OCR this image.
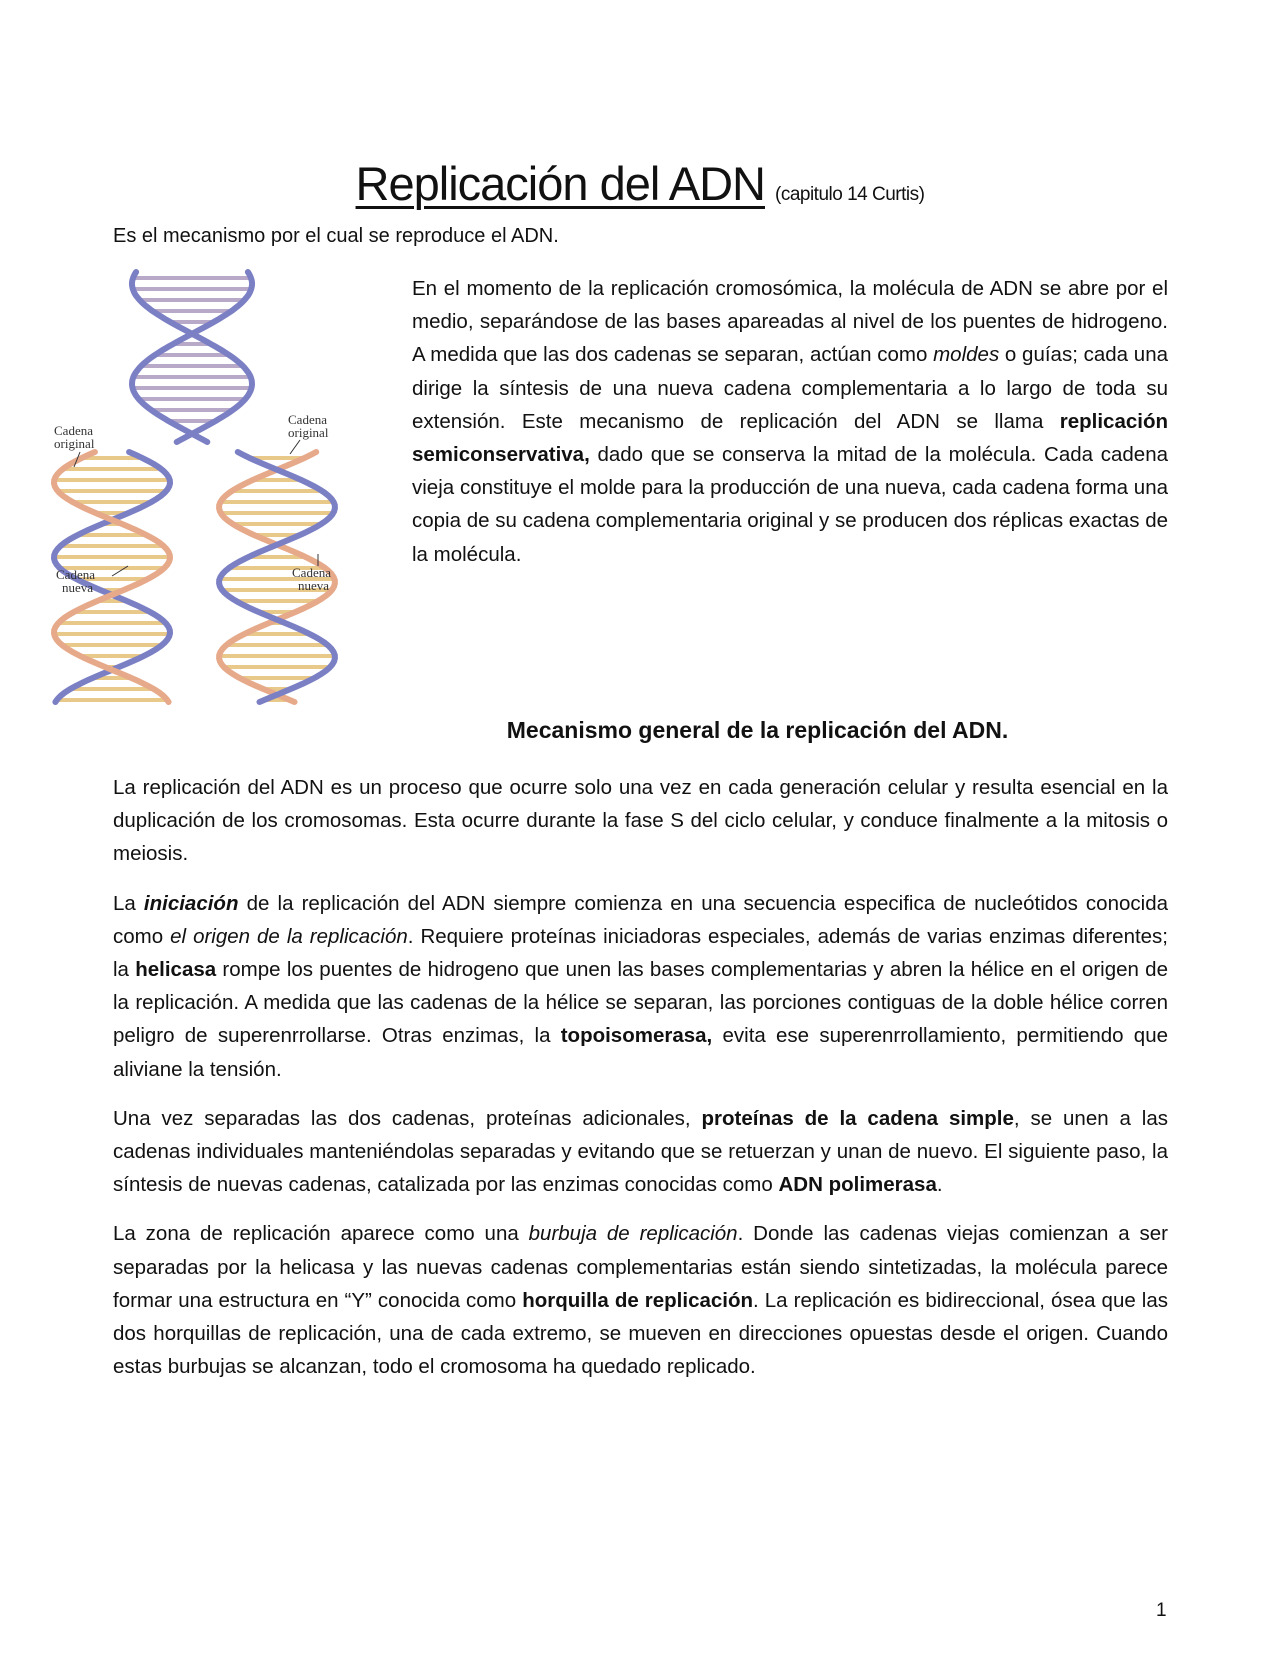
Replicación del ADN (capitulo 14 Curtis)
Es el mecanismo por el cual se reproduce el ADN.
Cadena
original
Cadena
original
Cadena
nueva
Cadena
nueva

En el momento de la replicación cromosómica, la molécula de ADN se abre por el medio, separándose de las bases apareadas al nivel de los puentes de hidrogeno. A medida que las dos cadenas se separan, actúan como moldes o guías; cada una dirige la síntesis de una nueva cadena complementaria a lo largo de toda su extensión. Este mecanismo de replicación del ADN se llama replicación semiconservativa, dado que se conserva la mitad de la molécula. Cada cadena vieja constituye el molde para la producción de una nueva, cada cadena forma una copia de su cadena complementaria original y se producen dos réplicas exactas de la molécula.

Mecanismo general de la replicación del ADN.

La replicación del ADN es un proceso que ocurre solo una vez en cada generación celular y resulta esencial en la duplicación de los cromosomas. Esta ocurre durante la fase S del ciclo celular, y conduce finalmente a la mitosis o meiosis.

La iniciación de la replicación del ADN siempre comienza en una secuencia especifica de nucleótidos conocida como el origen de la replicación. Requiere proteínas iniciadoras especiales, además de varias enzimas diferentes; la helicasa rompe los puentes de hidrogeno que unen las bases complementarias y abren la hélice en el origen de la replicación. A medida que las cadenas de la hélice se separan, las porciones contiguas de la doble hélice corren peligro de superenrrollarse. Otras enzimas, la topoisomerasa, evita ese superenrrollamiento, permitiendo que aliviane la tensión.

Una vez separadas las dos cadenas, proteínas adicionales, proteínas de la cadena simple, se unen a las cadenas individuales manteniéndolas separadas y evitando que se retuerzan y unan de nuevo. El siguiente paso, la síntesis de nuevas cadenas, catalizada por las enzimas conocidas como ADN polimerasa.

La zona de replicación aparece como una burbuja de replicación. Donde las cadenas viejas comienzan a ser separadas por la helicasa y las nuevas cadenas complementarias están siendo sintetizadas, la molécula parece formar una estructura en “Y” conocida como horquilla de replicación. La replicación es bidireccional, ósea que las dos horquillas de replicación, una de cada extremo, se mueven en direcciones opuestas desde el origen. Cuando estas burbujas se alcanzan, todo el cromosoma ha quedado replicado.

1
